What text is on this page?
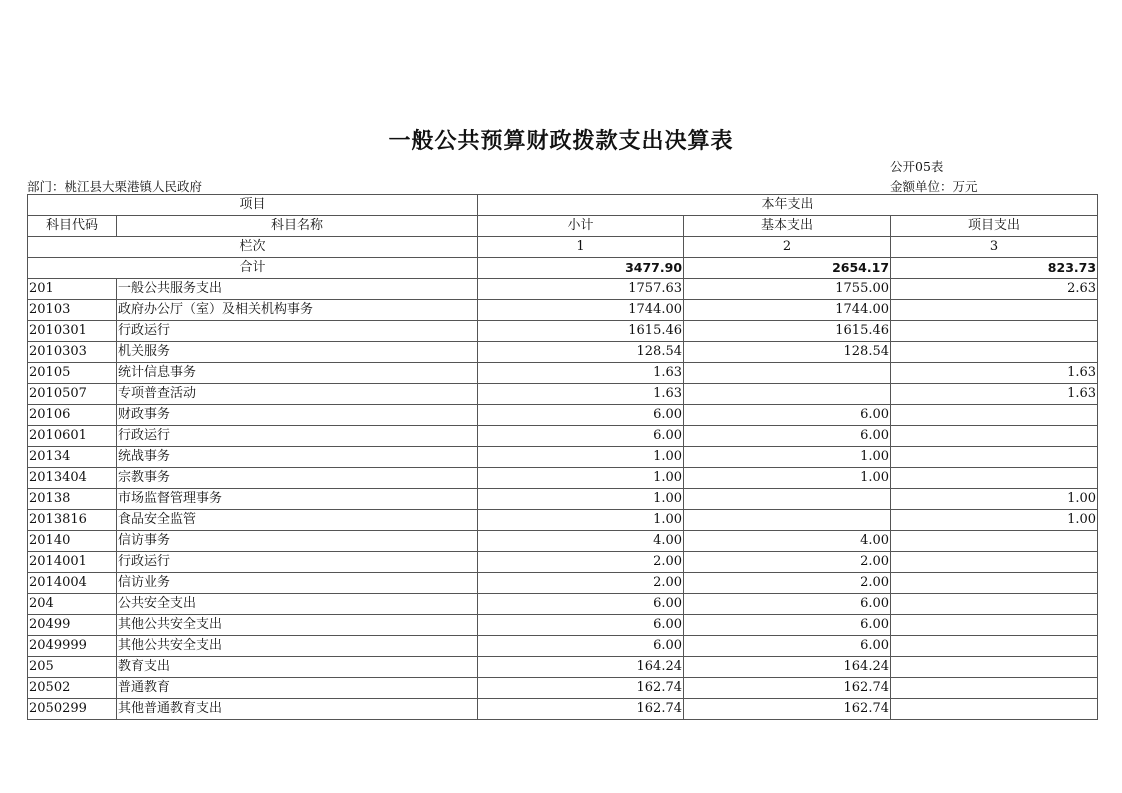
一般公共预算财政拨款支出决算表
公开05表
部门：桃江县大栗港镇人民政府	金额单位：万元
项目		本年支出		
科目代码	科目名称	小计	基本支出	项目支出
栏次		1	2	3
合计		3477.90	2654.17	823.73
201	一般公共服务支出	1757.63	1755.00	2.63
20103	政府办公厅（室）及相关机构事务	1744.00	1744.00	
2010301	行政运行	1615.46	1615.46	
2010303	机关服务	128.54	128.54	
20105	统计信息事务	1.63		1.63
2010507	专项普查活动	1.63		1.63
20106	财政事务	6.00	6.00	
2010601	行政运行	6.00	6.00	
20134	统战事务	1.00	1.00	
2013404	宗教事务	1.00	1.00	
20138	市场监督管理事务	1.00		1.00
2013816	食品安全监管	1.00		1.00
20140	信访事务	4.00	4.00	
2014001	行政运行	2.00	2.00	
2014004	信访业务	2.00	2.00	
204	公共安全支出	6.00	6.00	
20499	其他公共安全支出	6.00	6.00	
2049999	其他公共安全支出	6.00	6.00	
205	教育支出	164.24	164.24	
20502	普通教育	162.74	162.74	
2050299	其他普通教育支出	162.74	162.74	
